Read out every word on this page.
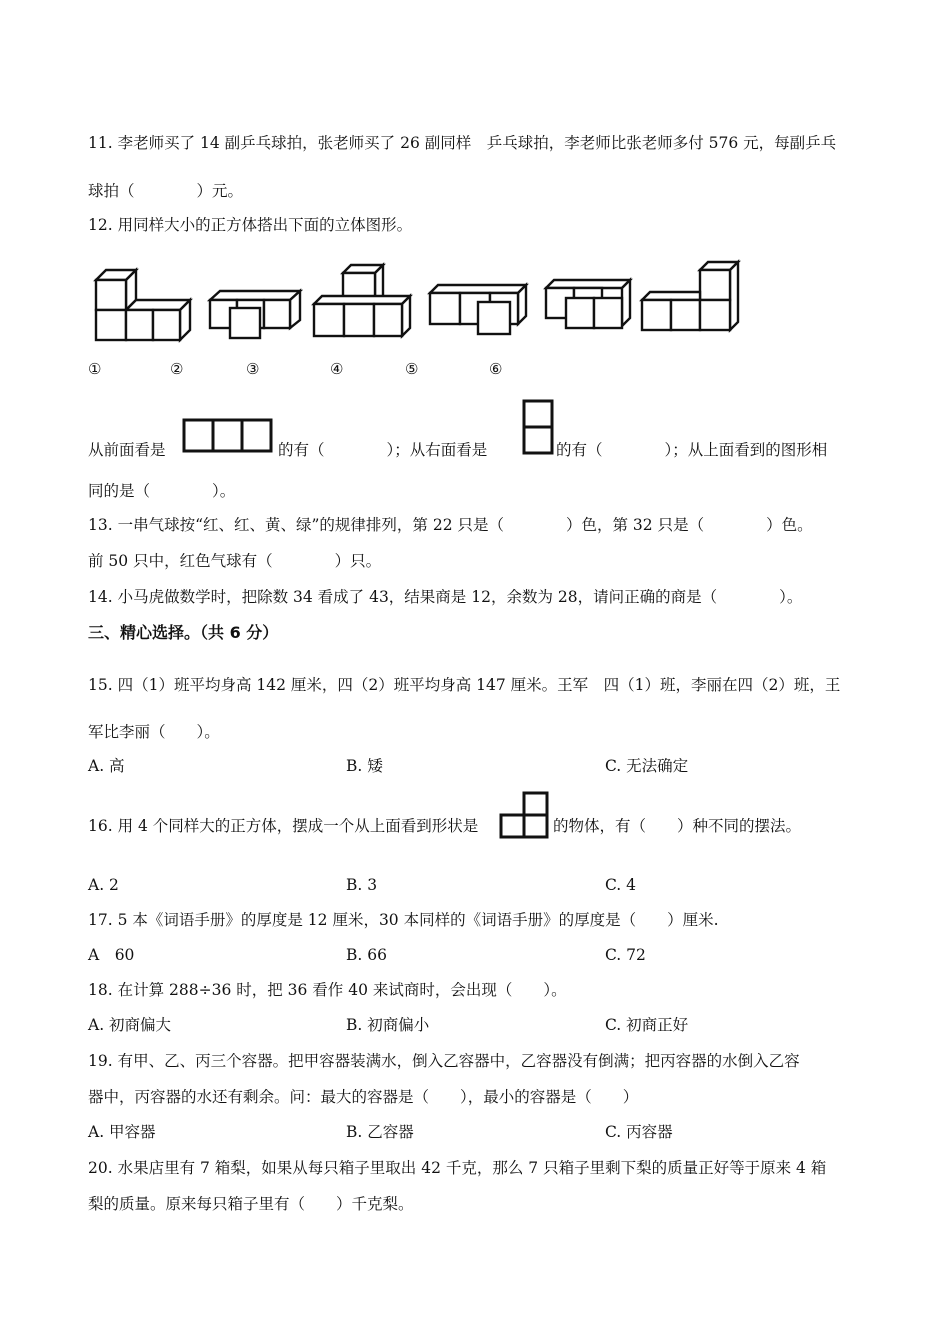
11. 李老师买了 14 副乒乓球拍，张老师买了 26 副同样　乒乓球拍，李老师比张老师多付 576 元，每副乒乓
球拍（　　　　）元。
12. 用同样大小的正方体搭出下面的立体图形。
①	②	③	④	⑤	⑥
从前面看是	的有（　　　　）；从右面看是	的有（　　　　）；从上面看到的图形相
同的是（　　　　）。
13. 一串气球按“红、红、黄、绿”的规律排列，第 22 只是（　　　　）色，第 32 只是（　　　　）色。
前 50 只中，红色气球有（　　　　）只。
14. 小马虎做数学时，把除数 34 看成了 43，结果商是 12，余数为 28，请问正确的商是（　　　　）。
三、精心选择。（共 6 分）
15. 四（1）班平均身高 142 厘米，四（2）班平均身高 147 厘米。王军　四（1）班，李丽在四（2）班，王
军比李丽（　　）。
A. 高	B. 矮	C. 无法确定
16. 用 4 个同样大的正方体，摆成一个从上面看到形状是	的物体，有（　　）种不同的摆法。
A. 2	B. 3	C. 4
17. 5 本《词语手册》的厚度是 12 厘米，30 本同样的《词语手册》的厚度是（　　）厘米.
A　60	B. 66	C. 72
18. 在计算 288÷36 时，把 36 看作 40 来试商时，会出现（　　）。
A. 初商偏大	B. 初商偏小	C. 初商正好
19. 有甲、乙、丙三个容器。把甲容器装满水，倒入乙容器中，乙容器没有倒满；把丙容器的水倒入乙容
器中，丙容器的水还有剩余。问：最大的容器是（　　），最小的容器是（　　）
A. 甲容器	B. 乙容器	C. 丙容器
20. 水果店里有 7 箱梨，如果从每只箱子里取出 42 千克，那么 7 只箱子里剩下梨的质量正好等于原来 4 箱
梨的质量。原来每只箱子里有（　　）千克梨。
